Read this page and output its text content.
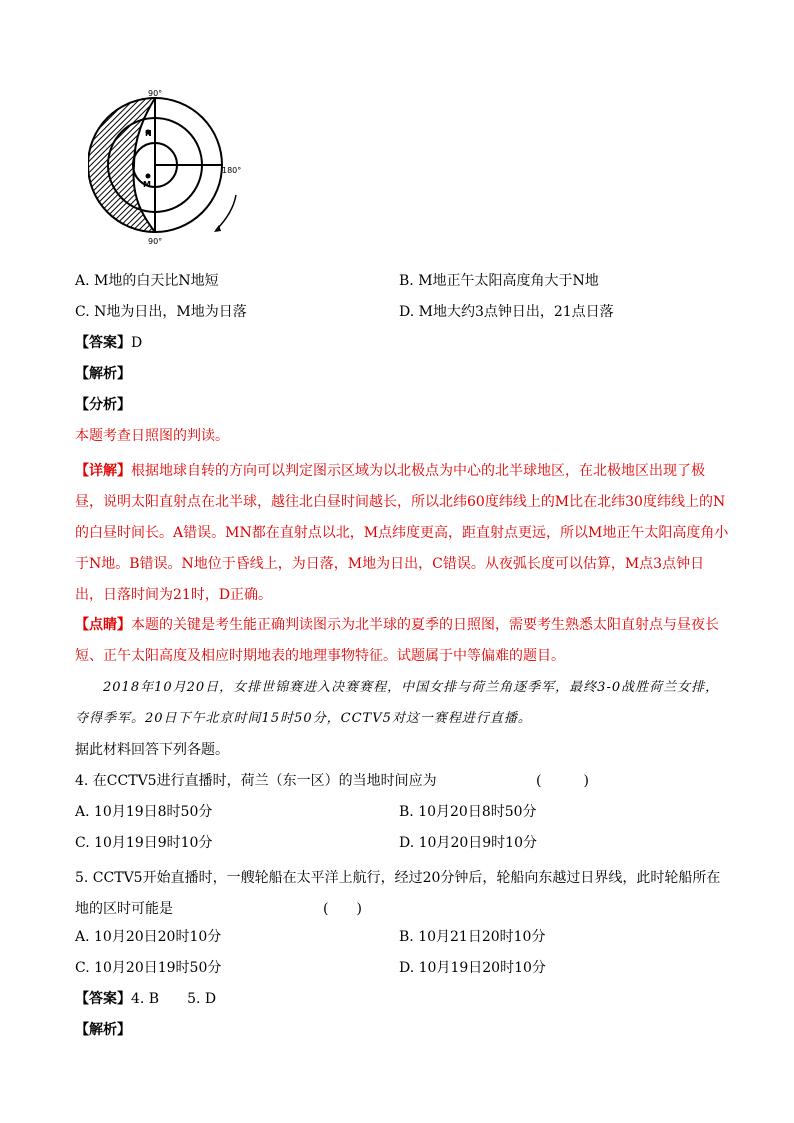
90°
90°
180°
N
M
A. M地的白天比N地短	B. M地正午太阳高度角大于N地
C. N地为日出，M地为日落	D. M地大约3点钟日出，21点日落
【答案】D
【解析】
【分析】
本题考查日照图的判读。
【详解】根据地球自转的方向可以判定图示区域为以北极点为中心的北半球地区，在北极地区出现了极昼，说明太阳直射点在北半球，越往北白昼时间越长，所以北纬60度纬线上的M比在北纬30度纬线上的N的白昼时间长。A错误。MN都在直射点以北，M点纬度更高，距直射点更远，所以M地正午太阳高度角小于N地。B错误。N地位于昏线上，为日落，M地为日出，C错误。从夜弧长度可以估算，M点3点钟日出，日落时间为21时，D正确。
【点睛】本题的关键是考生能正确判读图示为北半球的夏季的日照图，需要考生熟悉太阳直射点与昼夜长短、正午太阳高度及相应时期地表的地理事物特征。试题属于中等偏难的题目。
2018年10月20日，女排世锦赛进入决赛赛程，中国女排与荷兰角逐季军，最终3-0战胜荷兰女排，夺得季军。20日下午北京时间15时50分，CCTV5对这一赛程进行直播。
据此材料回答下列各题。
4. 在CCTV5进行直播时，荷兰（东一区）的当地时间应为	(　　　)
A. 10月19日8时50分	B. 10月20日8时50分
C. 10月19日9时10分	D. 10月20日9时10分
5. CCTV5开始直播时，一艘轮船在太平洋上航行，经过20分钟后，轮船向东越过日界线，此时轮船所在地的区时可能是	(　　)
A. 10月20日20时10分	B. 10月21日20时10分
C. 10月20日19时50分	D. 10月19日20时10分
【答案】4. B　　5. D
【解析】
